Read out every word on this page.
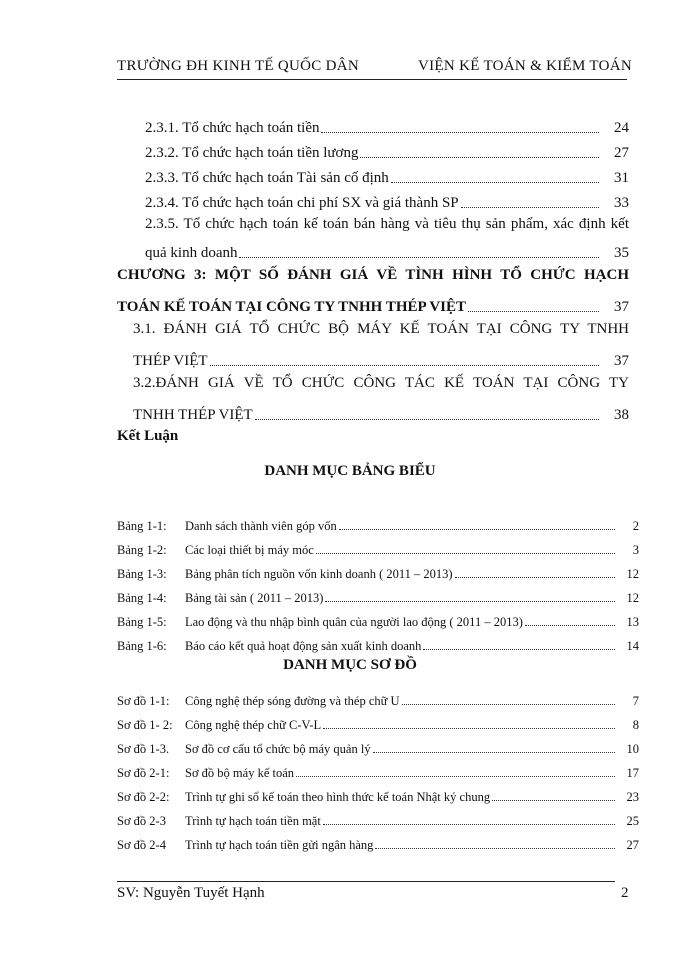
TRƯỜNG ĐH KINH TẾ QUỐC DÂN	VIỆN KẾ TOÁN & KIỂM TOÁN
2.3.1. Tổ chức hạch toán tiền	24
2.3.2. Tổ chức hạch toán tiền lương	27
2.3.3. Tổ chức hạch toán Tài sản cố định	31
2.3.4. Tổ chức hạch toán chi phí SX và giá thành SP	33
2.3.5. Tổ chức hạch toán kế toán bán hàng và tiêu thụ sản phẩm, xác định kết
quả kinh doanh	35
CHƯƠNG 3: MỘT SỐ ĐÁNH GIÁ VỀ TÌNH HÌNH TỔ CHỨC HẠCH
TOÁN KẾ TOÁN TẠI CÔNG TY TNHH THÉP VIỆT	37
3.1. ĐÁNH GIÁ TỔ CHỨC BỘ MÁY KẾ TOÁN TẠI CÔNG TY TNHH
THÉP VIỆT	37
3.2.ĐÁNH GIÁ VỀ TỔ CHỨC CÔNG TÁC KẾ TOÁN TẠI CÔNG TY
TNHH THÉP VIỆT	38
Kết Luận
DANH MỤC BẢNG BIỂU
Bảng 1-1: Danh sách thành viên góp vốn	2
Bảng 1-2: Các loại thiết bị máy móc	3
Bảng 1-3: Bảng phân tích nguồn vốn kinh doanh ( 2011 – 2013)	12
Bảng 1-4: Bảng tài sản ( 2011 – 2013)	12
Bảng 1-5: Lao động và thu nhập bình quân của người lao động ( 2011 – 2013)	13
Bảng 1-6: Báo cáo kết quả hoạt động sản xuất kinh doanh	14
DANH MỤC SƠ ĐỒ
Sơ đồ 1-1: Công nghệ thép sóng đường và thép chữ U	7
Sơ đồ 1- 2: Công nghệ thép chữ C-V-L	8
Sơ đồ 1-3. Sơ đồ cơ cấu tổ chức bộ máy quản lý	10
Sơ đồ 2-1: Sơ đồ bộ máy kế toán	17
Sơ đồ 2-2: Trình tự ghi sổ kế toán theo hình thức kế toán Nhật ký chung	23
Sơ đồ 2-3 Trình tự hạch toán tiền mặt	25
Sơ đồ 2-4 Trình tự hạch toán tiền gửi ngân hàng	27
SV: Nguyễn Tuyết Hạnh	2
